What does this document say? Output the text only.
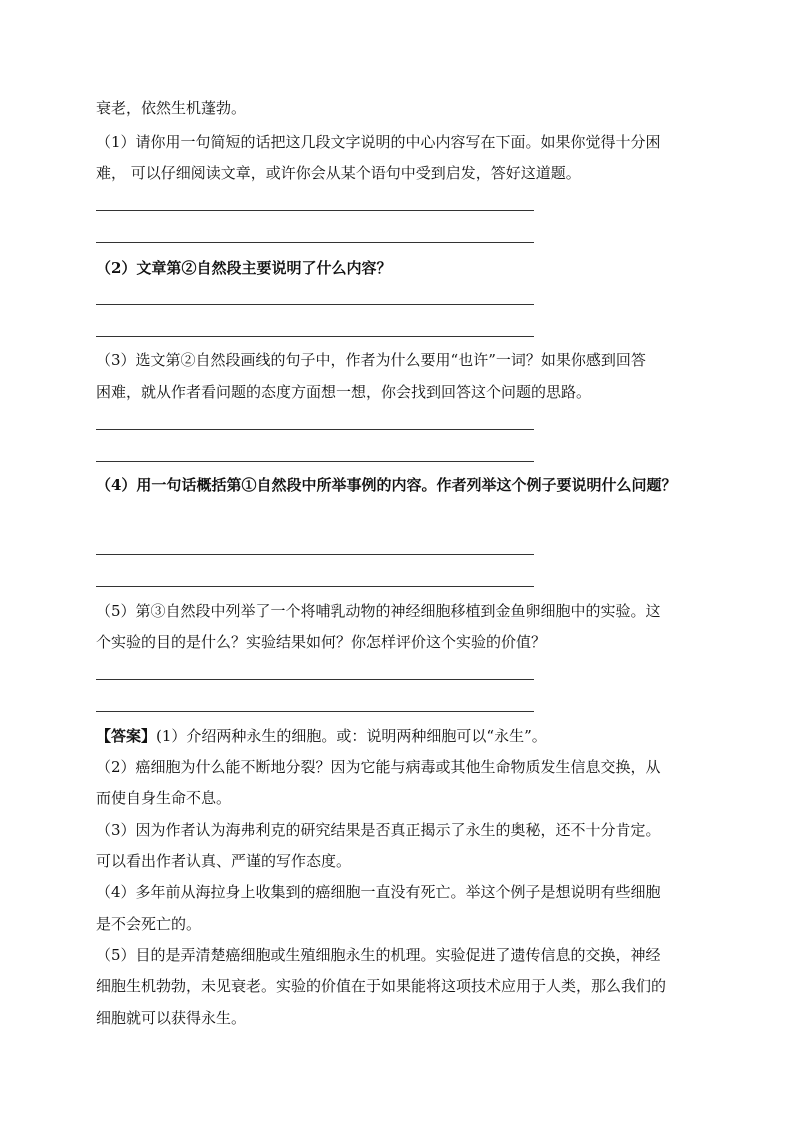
衰老，依然生机蓬勃。
（1）请你用一句简短的话把这几段文字说明的中心内容写在下面。如果你觉得十分困
难， 可以仔细阅读文章，或许你会从某个语句中受到启发，答好这道题。
（2）文章第②自然段主要说明了什么内容？
（3）选文第②自然段画线的句子中，作者为什么要用“也许”一词？如果你感到回答
困难，就从作者看问题的态度方面想一想，你会找到回答这个问题的思路。
（4）用一句话概括第①自然段中所举事例的内容。作者列举这个例子要说明什么问题？
（5）第③自然段中列举了一个将哺乳动物的神经细胞移植到金鱼卵细胞中的实验。这
个实验的目的是什么？实验结果如何？你怎样评价这个实验的价值？
【答案】(1）介绍两种永生的细胞。或：说明两种细胞可以“永生”。
（2）癌细胞为什么能不断地分裂？因为它能与病毒或其他生命物质发生信息交换，从
而使自身生命不息。
（3）因为作者认为海弗利克的研究结果是否真正揭示了永生的奥秘，还不十分肯定。
可以看出作者认真、严谨的写作态度。
（4）多年前从海拉身上收集到的癌细胞一直没有死亡。举这个例子是想说明有些细胞
是不会死亡的。
（5）目的是弄清楚癌细胞或生殖细胞永生的机理。实验促进了遗传信息的交换，神经
细胞生机勃勃，未见衰老。实验的价值在于如果能将这项技术应用于人类，那么我们的
细胞就可以获得永生。
